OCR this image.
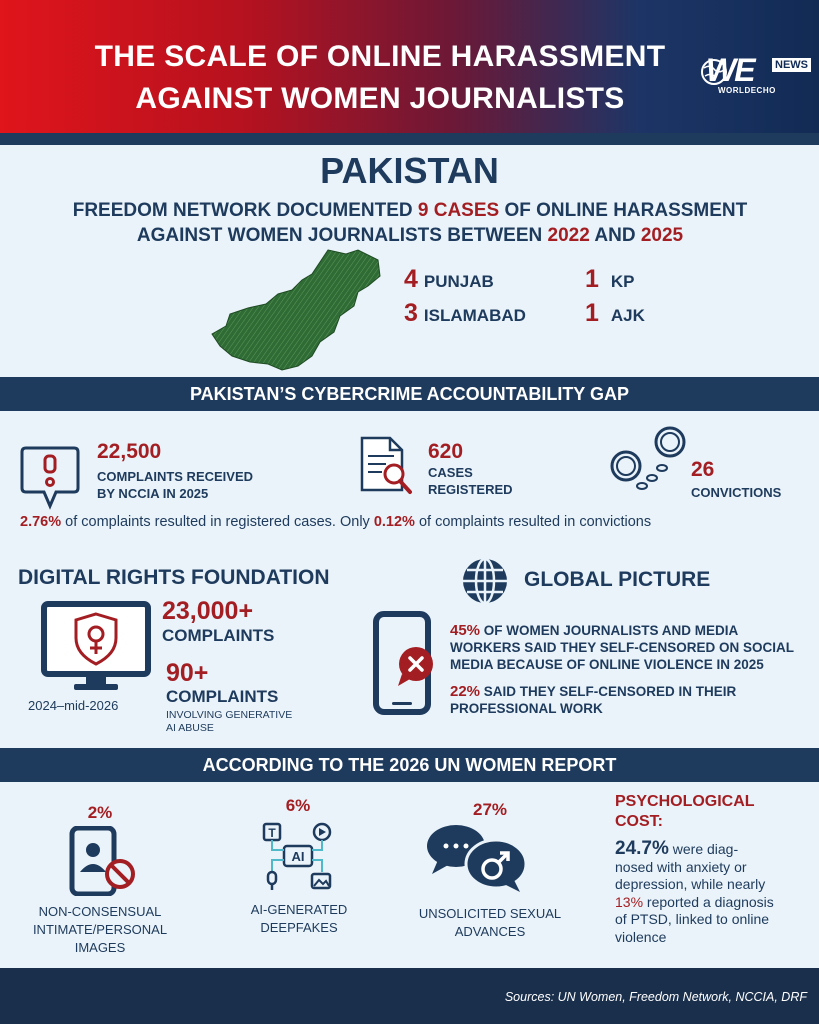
THE SCALE OF ONLINE HARASSMENT
AGAINST WOMEN JOURNALISTS
WE NEWS
WORLDECHO
PAKISTAN
FREEDOM NETWORK DOCUMENTED 9 CASES OF ONLINE HARASSMENT
AGAINST WOMEN JOURNALISTS BETWEEN 2022 AND 2025
4 PUNJAB	1 KP
3 ISLAMABAD 1 AJK
PAKISTAN’S CYBERCRIME ACCOUNTABILITY GAP
22,500
COMPLAINTS RECEIVED
BY NCCIA IN 2025
620
CASES
REGISTERED
26
CONVICTIONS
2.76% of complaints resulted in registered cases. Only 0.12% of complaints resulted in convictions
DIGITAL RIGHTS FOUNDATION
2024–mid-2026
23,000+
COMPLAINTS
90+
COMPLAINTS
INVOLVING GENERATIVE
AI ABUSE
GLOBAL PICTURE
45% OF WOMEN JOURNALISTS AND MEDIA
WORKERS SAID THEY SELF-CENSORED ON SOCIAL
MEDIA BECAUSE OF ONLINE VIOLENCE IN 2025
22% SAID THEY SELF-CENSORED IN THEIR
PROFESSIONAL WORK
ACCORDING TO THE 2026 UN WOMEN REPORT
2%
NON-CONSENSUAL
INTIMATE/PERSONAL
IMAGES
6%
T
AI
AI-GENERATED
DEEPFAKES
27%
UNSOLICITED SEXUAL
ADVANCES
PSYCHOLOGICAL
COST:
24.7% were diag-
nosed with anxiety or
depression, while nearly
13% reported a diagnosis
of PTSD, linked to online
violence
Sources: UN Women, Freedom Network, NCCIA, DRF
